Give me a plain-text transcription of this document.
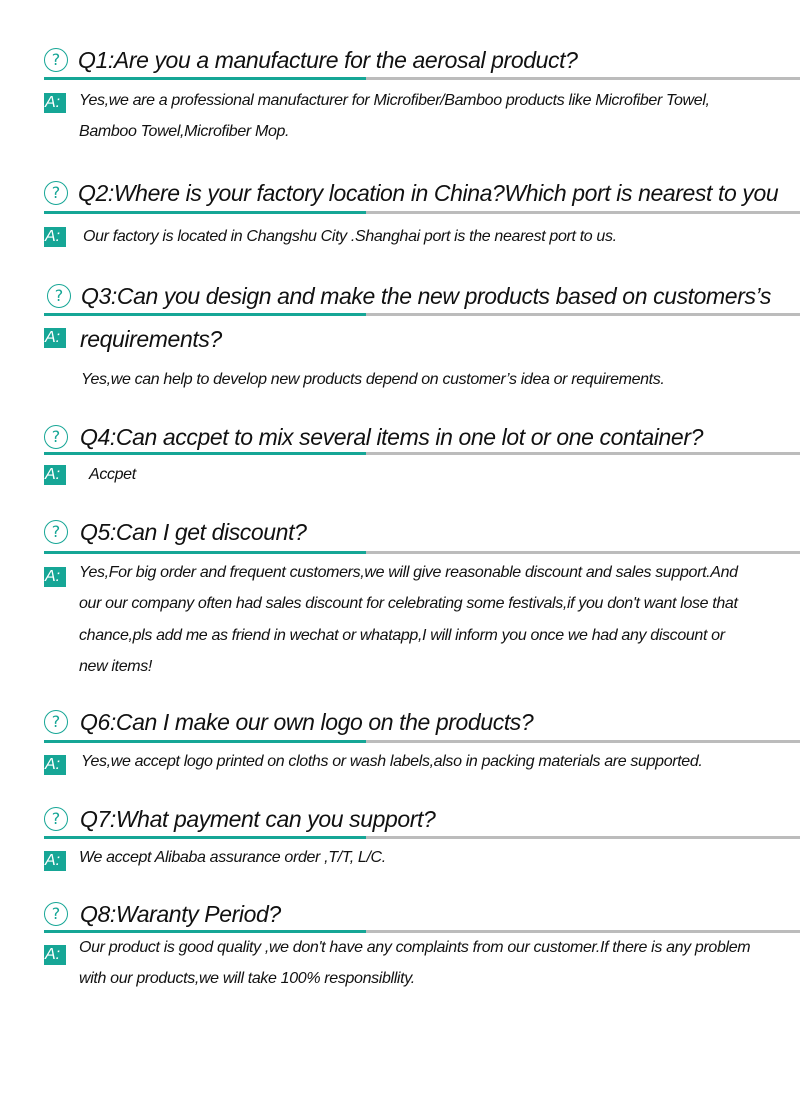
? Q1:Are you a manufacture for the aerosal product?
A:	Yes,we are a professional manufacturer for Microfiber/Bamboo products like Microfiber Towel,
Bamboo Towel,Microfiber Mop.
? Q2:Where is your factory location in China?Which port is nearest to you
A:	Our factory is located in Changshu City .Shanghai port is the nearest port to us.
? Q3:Can you design and make the new products based on customers’s
A: requirements?
Yes,we can help to develop new products depend on customer’s idea or requirements.
? Q4:Can accpet to mix several items in one lot or one container?
A:	Accpet
? Q5:Can I get discount?
A:	Yes,For big order and frequent customers,we will give reasonable discount and sales support.And
our our company often had sales discount for celebrating some festivals,if you don't want lose that
chance,pls add me as friend in wechat or whatapp,I will inform you once we had any discount or
new items!
? Q6:Can I make our own logo on the products?
A:	Yes,we accept logo printed on cloths or wash labels,also in packing materials are supported.
? Q7:What payment can you support?
A:	We accept Alibaba assurance order ,T/T, L/C.
? Q8:Waranty Period?
A:	Our product is good quality ,we don't have any complaints from our customer.If there is any problem
with our products,we will take 100% responsibllity.
